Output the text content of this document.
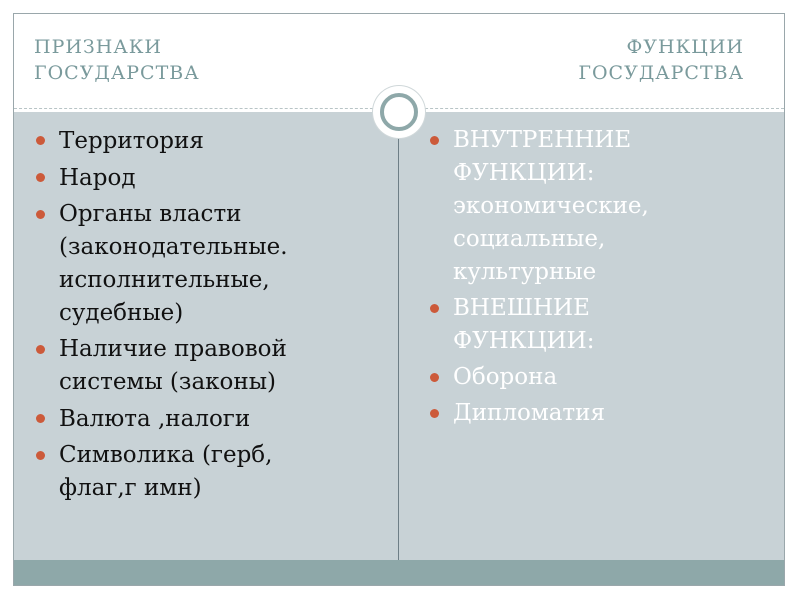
ПРИЗНАКИ
ГОСУДАРСТВА
ФУНКЦИИ
ГОСУДАРСТВА
Территория
Народ
Органы власти
(законодательные.
исполнительные,
судебные)
Наличие правовой
системы (законы)
Валюта ,налоги
Символика (герб,
флаг,г имн)
ВНУТРЕННИЕ
ФУНКЦИИ:
экономические,
социальные,
культурные
ВНЕШНИЕ
ФУНКЦИИ:
Оборона
Дипломатия
